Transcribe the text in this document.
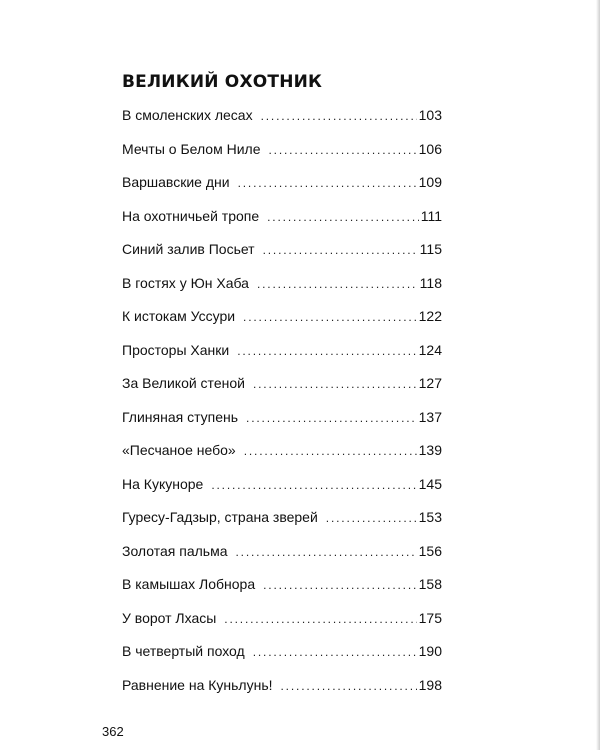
ВЕЛИКИЙ ОХОТНИК
В смоленских лесах . . .	103
Мечты о Белом Ниле . . .	106
Варшавские дни . . .	109
На охотничьей тропе . . .	111
Синий залив Посьет . . .	115
В гостях у Юн Хаба . . .	118
К истокам Уссури . . .	122
Просторы Ханки . . .	124
За Великой стеной . . .	127
Глиняная ступень . . .	137
«Песчаное небо» . . .	139
На Кукуноре . . .	145
Гуресу-Гадзыр, страна зверей . . .	153
Золотая пальма . . .	156
В камышах Лобнора . . .	158
У ворот Лхасы . . .	175
В четвертый поход . . .	190
Равнение на Куньлунь! . . .	198

362
